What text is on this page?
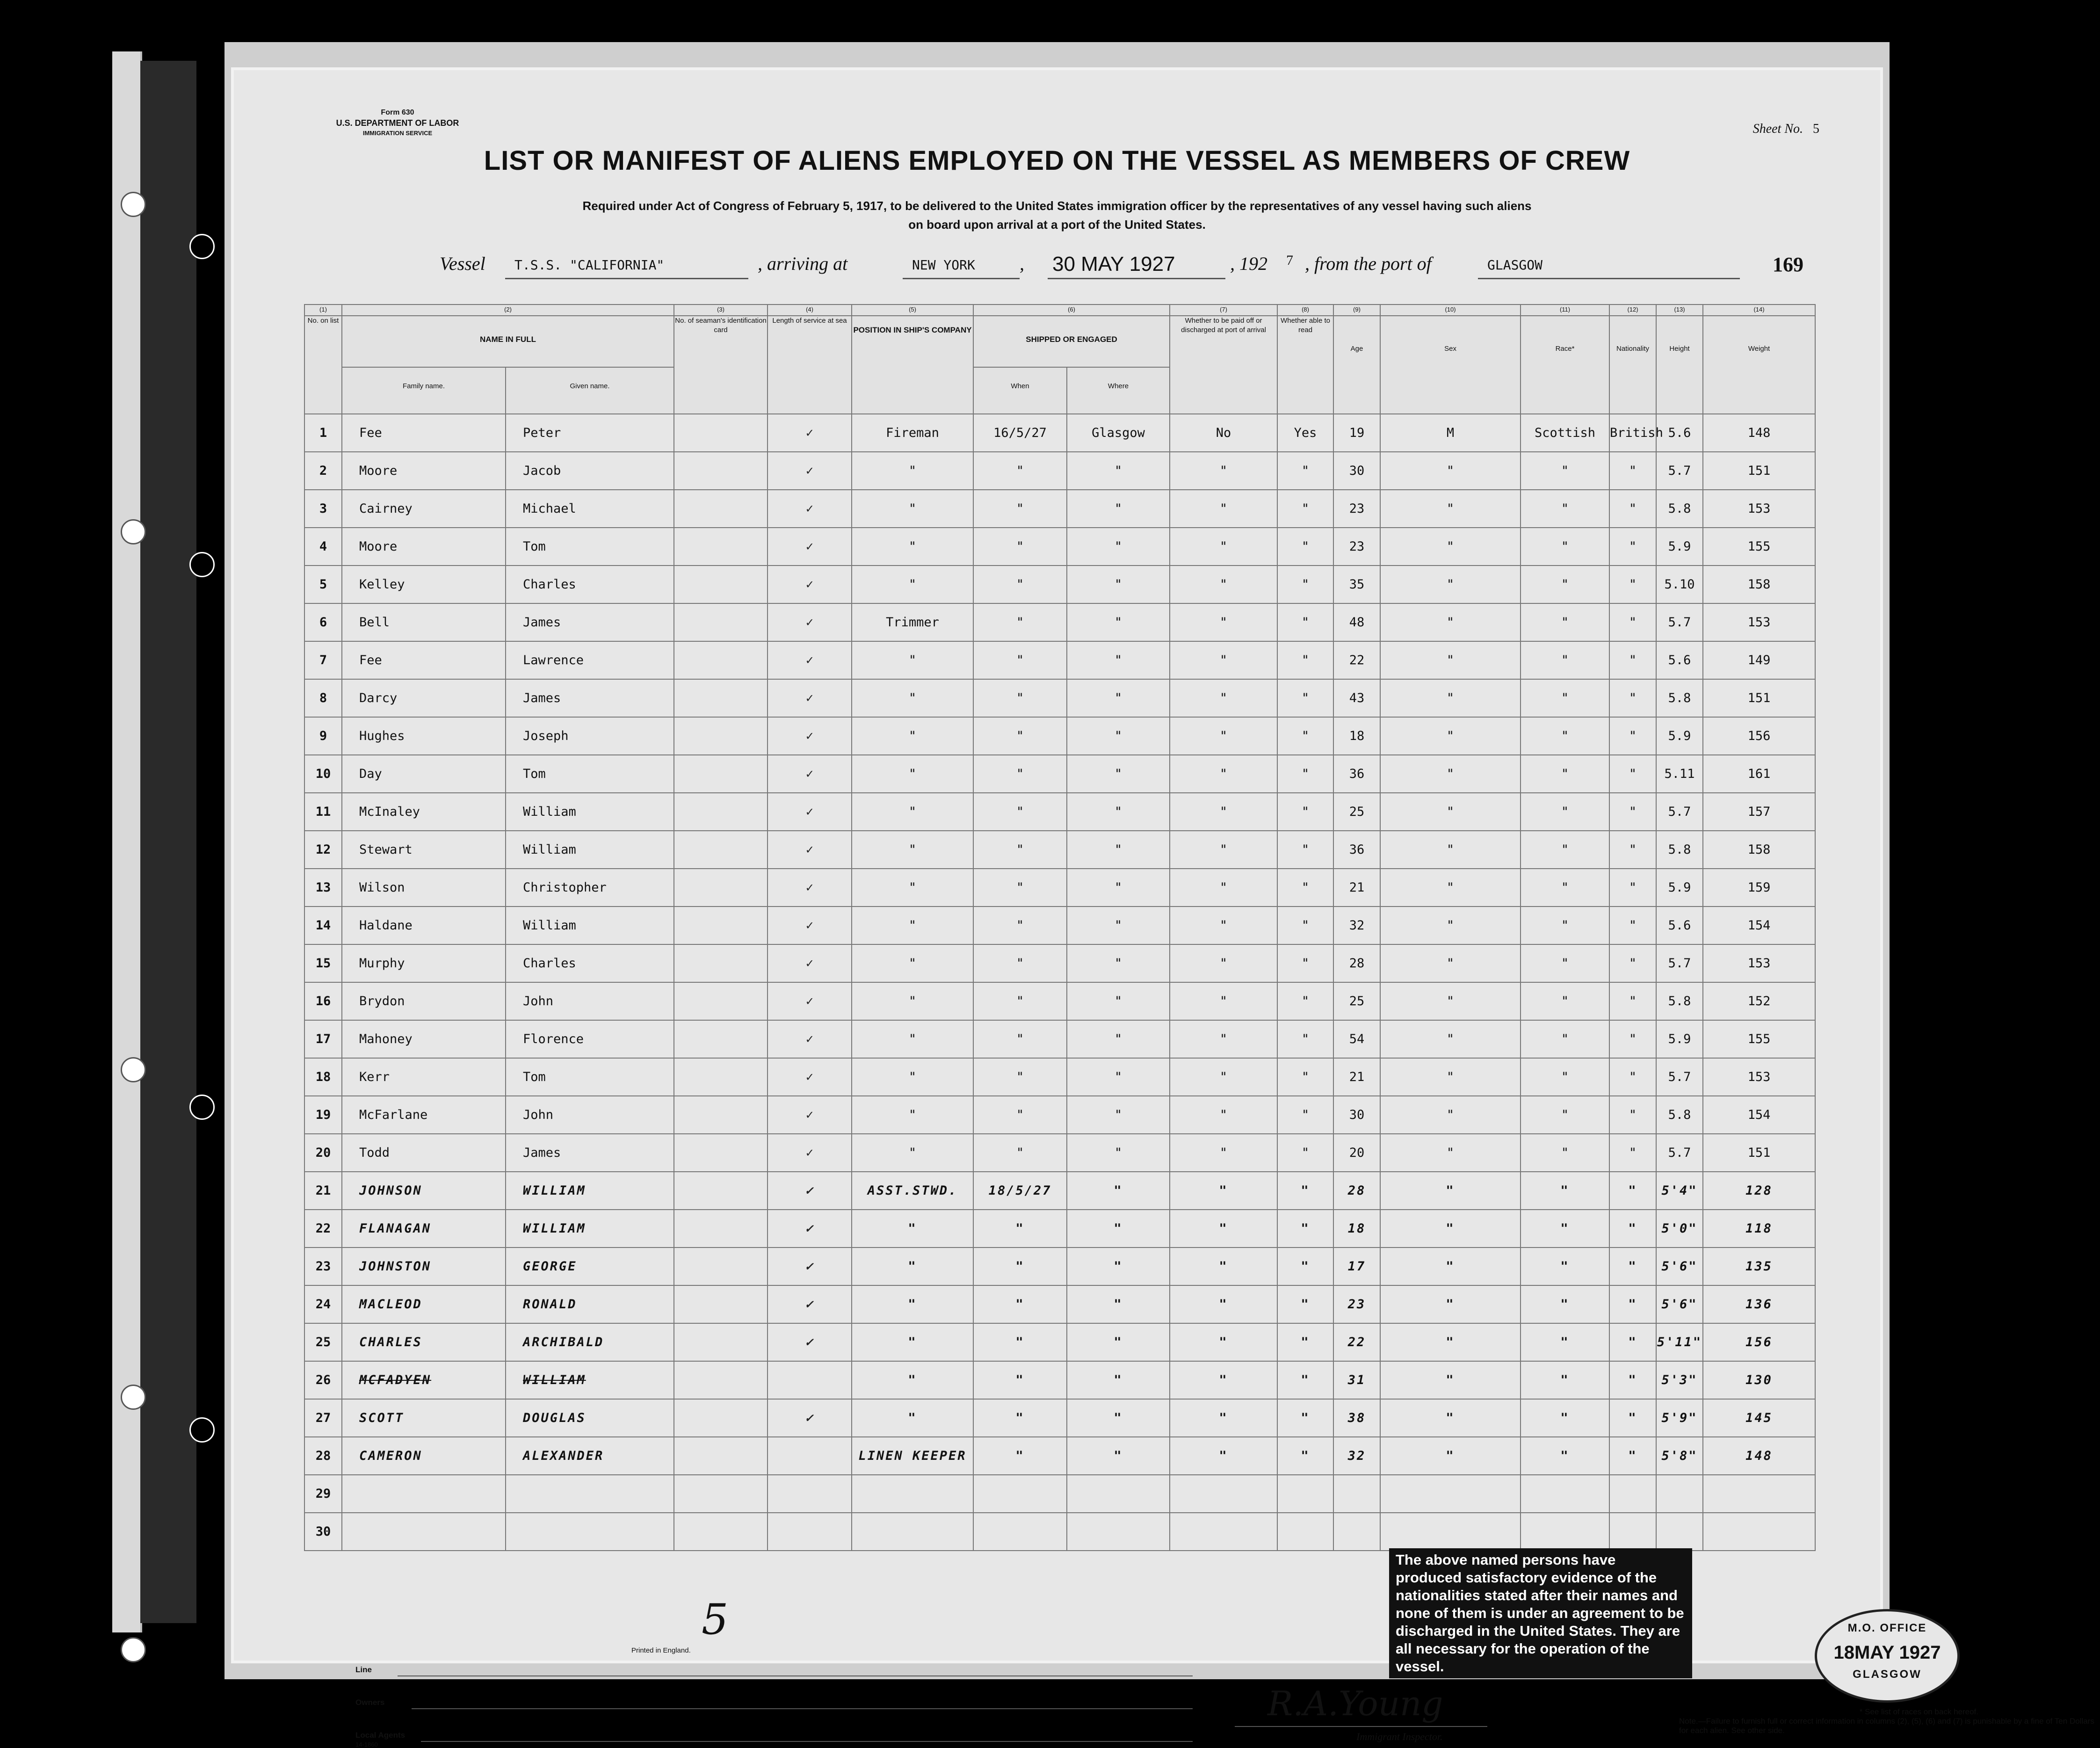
Form 630
U.S. DEPARTMENT OF LABOR
IMMIGRATION SERVICE	Sheet No. 5
LIST OR MANIFEST OF ALIENS EMPLOYED ON THE VESSEL AS MEMBERS OF CREW
Required under Act of Congress of February 5, 1917, to be delivered to the United States immigration officer by the representatives of any vessel having such aliens
on board upon arrival at a port of the United States.
Vessel T.S.S. "CALIFORNIA"	, arriving at	NEW YORK , 30 MAY 1927	, 192 7 , from the port of	GLASGOW	169
(1)	(2)		(3)	(4)	(5)	(6)		(7)	(8)	(9)	(10)	(11)	(12)	(13)	(14)	
No. on list	NAME IN FULL		No. of seaman's identification card	Length of service at sea	POSITION IN SHIP'S COMPANY	SHIPPED OR ENGAGED		Whether to be paid off or discharged at port of arrival	Whether able to read	Age	Sex	Race*	Nationality	Height	Weight	
	Family name.	Given name.				When	Where									
1	Fee	Peter		✓	Fireman	16/5/27	Glasgow	No	Yes	19	M	Scottish	British	5.6	148	
2	Moore	Jacob		✓	"	"	"	"	"	30	"	"	"	5.7	151	
3	Cairney	Michael		✓	"	"	"	"	"	23	"	"	"	5.8	153	
4	Moore	Tom		✓	"	"	"	"	"	23	"	"	"	5.9	155	
5	Kelley	Charles		✓	"	"	"	"	"	35	"	"	"	5.10	158	
6	Bell	James		✓	Trimmer	"	"	"	"	48	"	"	"	5.7	153	
7	Fee	Lawrence		✓	"	"	"	"	"	22	"	"	"	5.6	149	
8	Darcy	James		✓	"	"	"	"	"	43	"	"	"	5.8	151	
9	Hughes	Joseph		✓	"	"	"	"	"	18	"	"	"	5.9	156	
10	Day	Tom		✓	"	"	"	"	"	36	"	"	"	5.11	161	
11	McInaley	William		✓	"	"	"	"	"	25	"	"	"	5.7	157	
12	Stewart	William		✓	"	"	"	"	"	36	"	"	"	5.8	158	
13	Wilson	Christopher		✓	"	"	"	"	"	21	"	"	"	5.9	159	
14	Haldane	William		✓	"	"	"	"	"	32	"	"	"	5.6	154	
15	Murphy	Charles		✓	"	"	"	"	"	28	"	"	"	5.7	153	
16	Brydon	John		✓	"	"	"	"	"	25	"	"	"	5.8	152	
17	Mahoney	Florence		✓	"	"	"	"	"	54	"	"	"	5.9	155	
18	Kerr	Tom		✓	"	"	"	"	"	21	"	"	"	5.7	153	
19	McFarlane	John		✓	"	"	"	"	"	30	"	"	"	5.8	154	
20	Todd	James		✓	"	"	"	"	"	20	"	"	"	5.7	151	
21	JOHNSON	WILLIAM		✓	ASST.STWD.	18/5/27	"	"	"	28	"	"	"	5'4"	128	
22	FLANAGAN	WILLIAM		✓	"	"	"	"	"	18	"	"	"	5'0"	118	
23	JOHNSTON	GEORGE		✓	"	"	"	"	"	17	"	"	"	5'6"	135	
24	MACLEOD	RONALD		✓	"	"	"	"	"	23	"	"	"	5'6"	136	
25	CHARLES	ARCHIBALD		✓	"	"	"	"	"	22	"	"	"	5'11"	156	
26	MCFADYEN	WILLIAM			"	"	"	"	"	31	"	"	"	5'3"	130	
27	SCOTT	DOUGLAS		✓	"	"	"	"	"	38	"	"	"	5'9"	145	
28	CAMERON	ALEXANDER			LINEN KEEPER	"	"	"	"	32	"	"	"	5'8"	148	
29																
30																
5
Printed in England.
Line
Owners
Local Agents
14-1860
The above named persons have produced satisfactory evidence of the nationalities stated after their names and none of them is under an agreement to be discharged in the United States. They are all necessary for the operation of the vessel.
M.O. OFFICE
18MAY 1927
GLASGOW
R.A.Young
Immigrant Inspector.
* See list of races on back hereof.
Note.—Failure to furnish full or correct information in columns (2), (5), (6) and (7) is punishable by a fine of Ten Dollars for each alien. See other side.
